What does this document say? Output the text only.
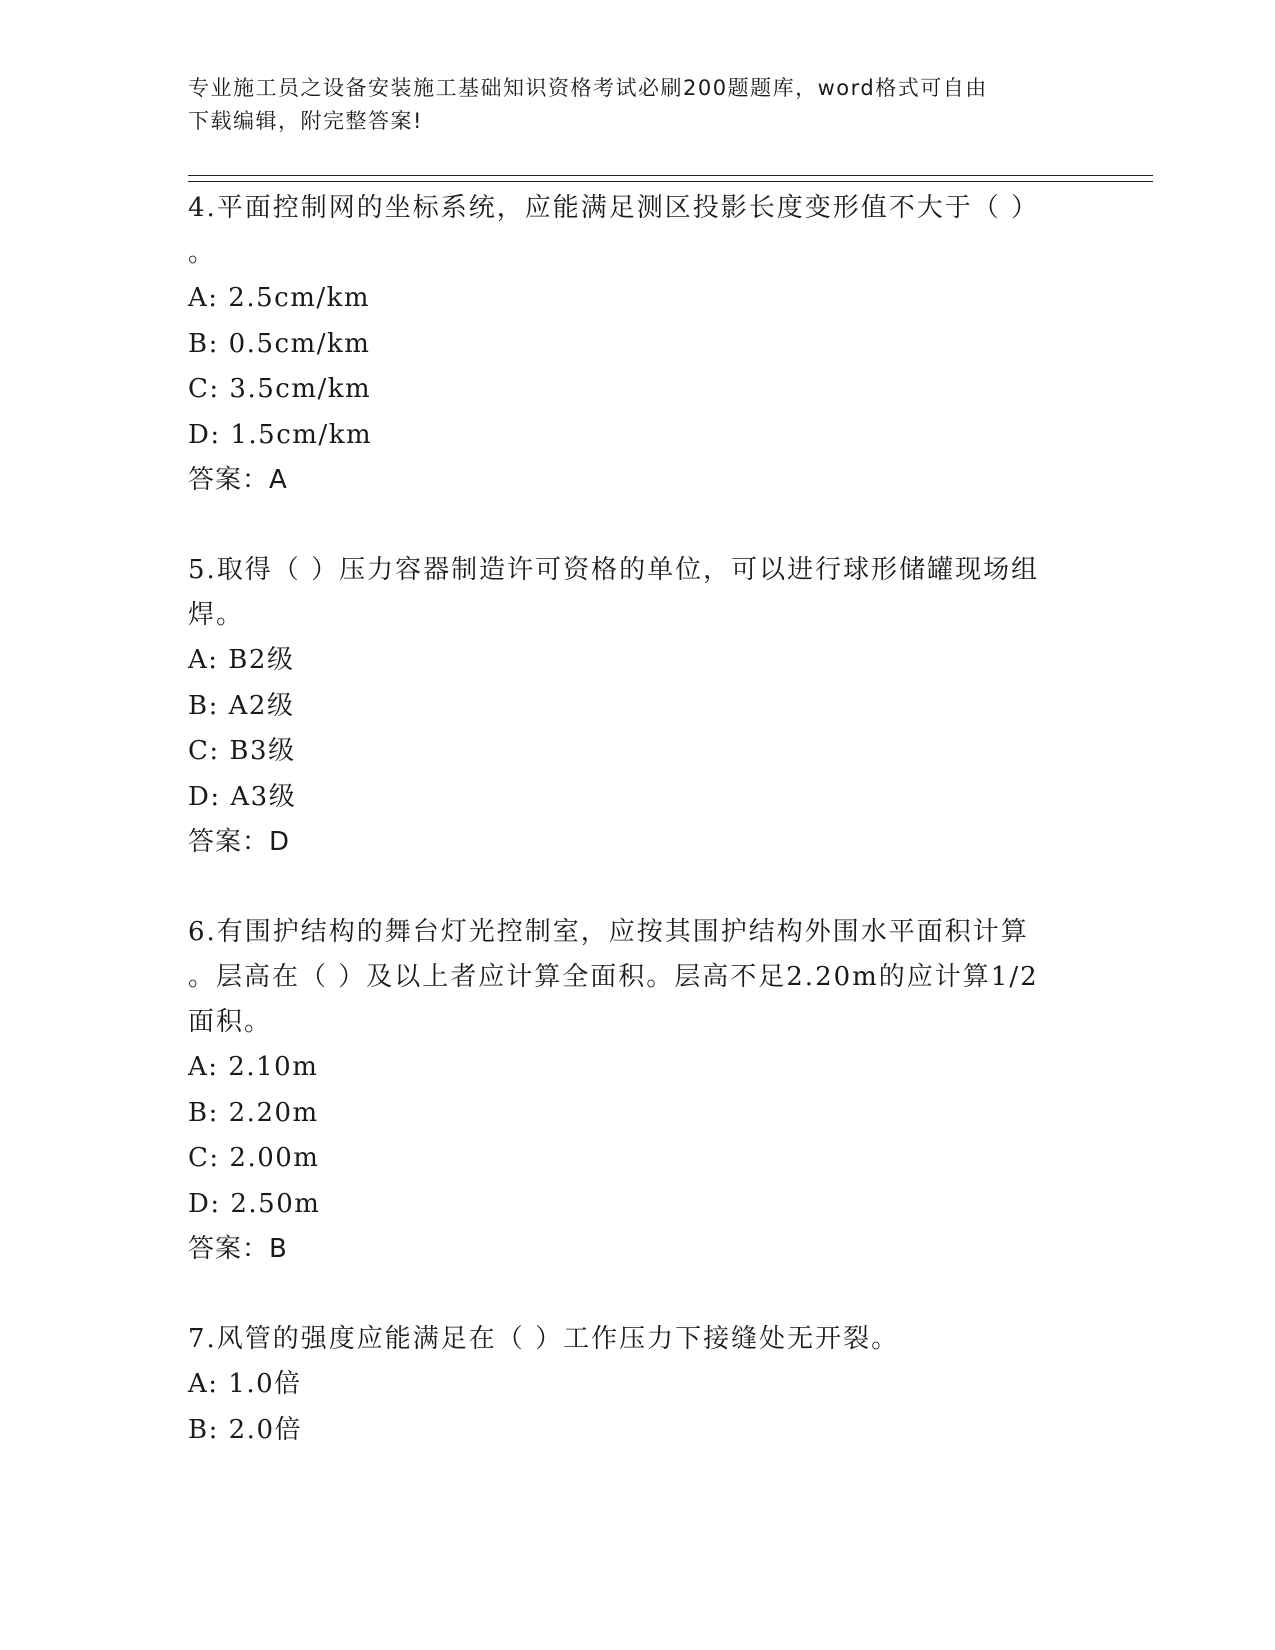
专业施工员之设备安装施工基础知识资格考试必刷200题题库，word格式可自由
下载编辑，附完整答案!
4.平面控制网的坐标系统，应能满足测区投影长度变形值不大于（ ）
。
A: 2.5cm/km
B: 0.5cm/km
C: 3.5cm/km
D: 1.5cm/km
答案：A
5.取得（ ）压力容器制造许可资格的单位，可以进行球形储罐现场组
焊。
A: B2级
B: A2级
C: B3级
D: A3级
答案：D
6.有围护结构的舞台灯光控制室，应按其围护结构外围水平面积计算
。层高在（ ）及以上者应计算全面积。层高不足2.20m的应计算1/2
面积。
A: 2.10m
B: 2.20m
C: 2.00m
D: 2.50m
答案：B
7.风管的强度应能满足在（ ）工作压力下接缝处无开裂。
A: 1.0倍
B: 2.0倍
